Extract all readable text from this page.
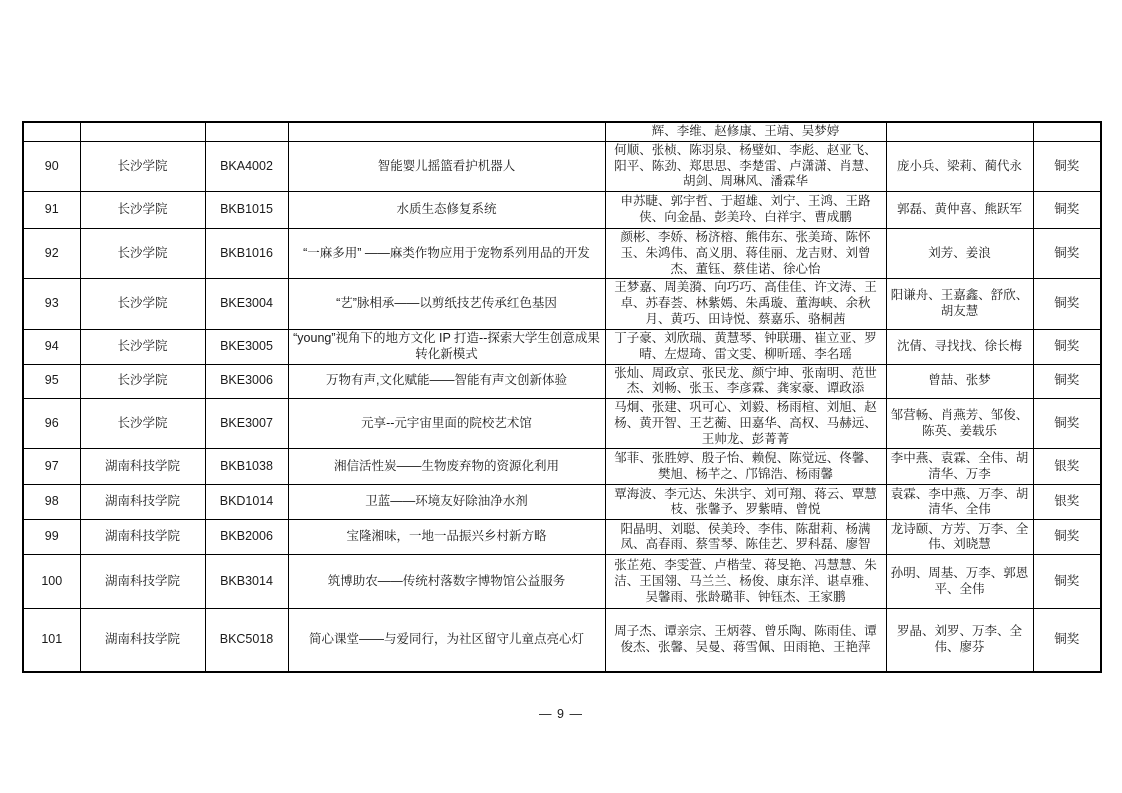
				辉、李维、赵修康、王靖、吴梦婷		
90	长沙学院	BKA4002	智能婴儿摇篮看护机器人	何顺、张桢、陈羽泉、杨璧如、李彪、赵亚飞、阳平、陈劲、郑思思、李楚雷、卢潇潇、肖慧、胡剑、周琳风、潘霖华	庞小兵、梁莉、蔺代永	铜奖
91	长沙学院	BKB1015	水质生态修复系统	申苏睫、郭宇哲、于超雄、刘宁、王鸿、王路侠、向金晶、彭美玲、白祥宇、曹成鹏	郭磊、黄仲喜、熊跃军	铜奖
92	长沙学院	BKB1016	“一麻多用” ——麻类作物应用于宠物系列用品的开发	颜彬、李娇、杨济榕、熊伟东、张美琦、陈怀玉、朱鸿伟、高义朋、蒋佳丽、龙吉财、刘曾杰、董钰、蔡佳诺、徐心怡	刘芳、姜浪	铜奖
93	长沙学院	BKE3004	“艺”脉相承——以剪纸技艺传承红色基因	王梦嘉、周美漪、向巧巧、高佳佳、许文涛、王卓、苏春荟、林紫嫣、朱禹璇、董海峡、余秋月、黄巧、田诗悦、蔡嘉乐、骆桐茜	阳谦舟、王嘉鑫、舒欣、胡友慧	铜奖
94	长沙学院	BKE3005	“young”视角下的地方文化 IP 打造--探索大学生创意成果转化新模式	丁子豪、刘欣瑞、黄慧琴、钟联珊、崔立亚、罗晴、左煜琦、雷文雯、柳昕瑶、李名瑶	沈倩、寻找找、徐长梅	铜奖
95	长沙学院	BKE3006	万物有声,文化赋能——智能有声文创新体验	张灿、周政京、张民龙、颜宁坤、张南明、范世杰、刘畅、张玉、李彦霖、龚家豪、谭政添	曾喆、张梦	铜奖
96	长沙学院	BKE3007	元享--元宇宙里面的院校艺术馆	马炯、张建、巩可心、刘毅、杨雨楦、刘旭、赵杨、黄开智、王艺蘅、田嘉华、高权、马赫远、王帅龙、彭菁菁	邹营畅、肖燕芳、邹俊、陈英、姜载乐	铜奖
97	湖南科技学院	BKB1038	湘信活性炭——生物废弃物的资源化利用	邹菲、张胜婷、殷子怡、赖倪、陈觉远、佟馨、樊旭、杨芊之、邝锦浩、杨雨馨	李中燕、袁霖、全伟、胡清华、万李	银奖
98	湖南科技学院	BKD1014	卫蓝——环境友好除油净水剂	覃海波、李元达、朱洪宇、刘可翔、蒋云、覃慧枝、张馨予、罗紫晴、曾悦	袁霖、李中燕、万李、胡清华、全伟	银奖
99	湖南科技学院	BKB2006	宝隆湘味，一地一品振兴乡村新方略	阳晶明、刘聪、侯美玲、李伟、陈甜莉、杨满凤、高春雨、蔡雪琴、陈佳艺、罗科磊、廖智	龙诗颐、方芳、万李、全伟、刘晓慧	铜奖
100	湖南科技学院	BKB3014	筑博助农——传统村落数字博物馆公益服务	张芷苑、李雯萱、卢楷莹、蒋旻艳、冯慧慧、朱洁、王国翎、马兰兰、杨俊、康东洋、谌卓雅、吴馨雨、张龄璐菲、钟钰杰、王家鹏	孙明、周基、万李、郭恩平、全伟	铜奖
101	湖南科技学院	BKC5018	简心课堂——与爱同行，为社区留守儿童点亮心灯	周子杰、谭亲宗、王炳蓉、曾乐陶、陈雨佳、谭俊杰、张馨、吴曼、蒋雪佩、田雨艳、王艳萍	罗晶、刘罗、万李、全伟、廖芬	铜奖
— 9 —
